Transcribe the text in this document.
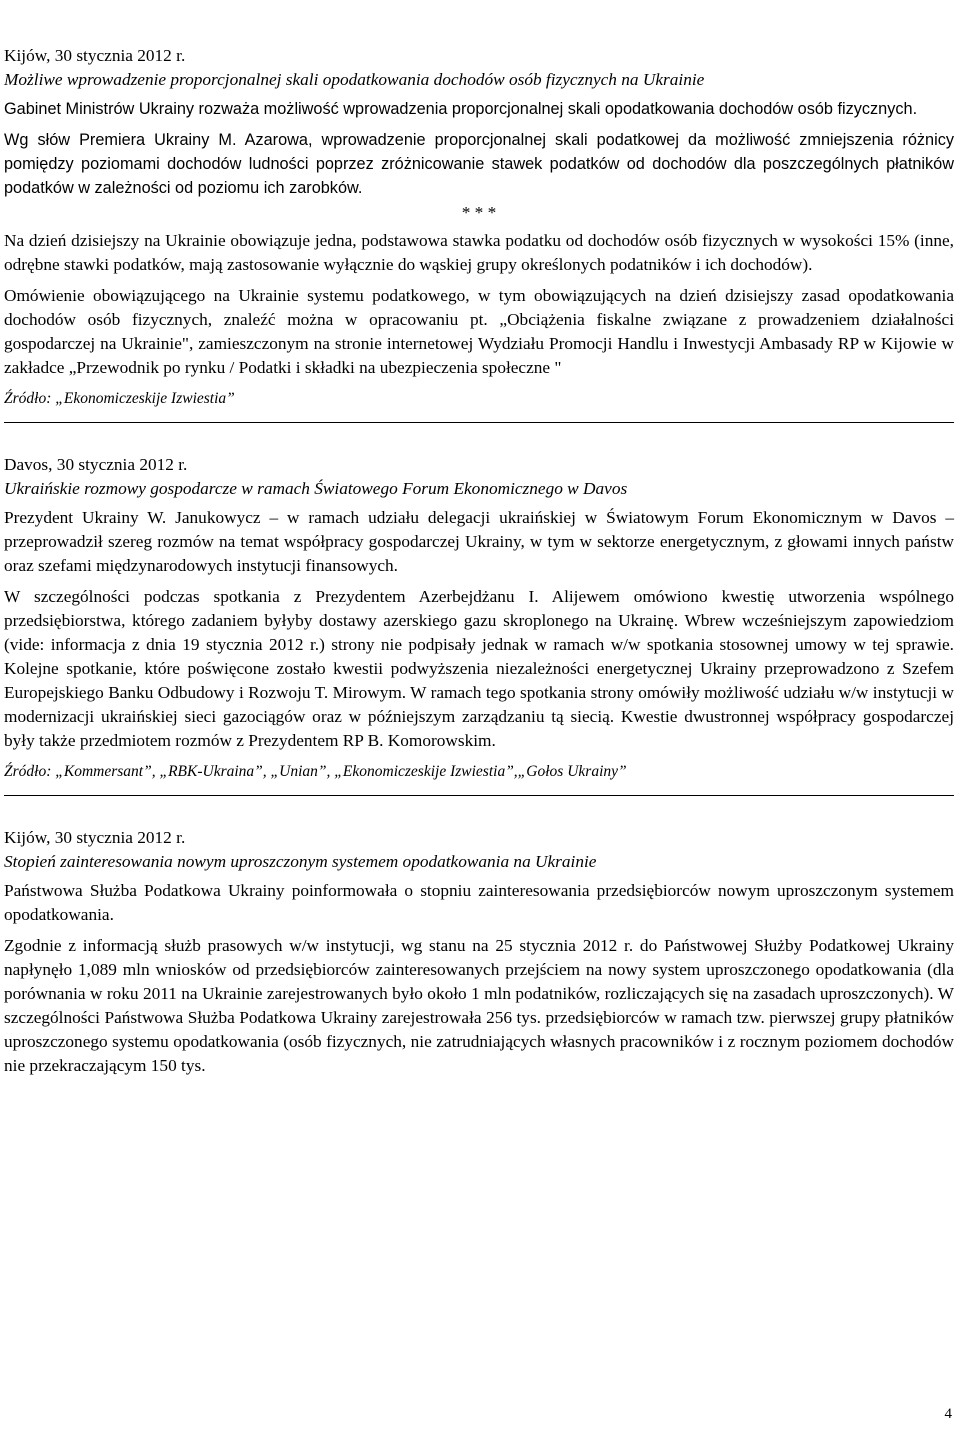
Kijów, 30 stycznia 2012 r.
Możliwe wprowadzenie proporcjonalnej skali opodatkowania dochodów osób fizycznych na Ukrainie
Gabinet Ministrów Ukrainy rozważa możliwość wprowadzenia proporcjonalnej skali opodatkowania dochodów osób fizycznych.
Wg słów Premiera Ukrainy M. Azarowa, wprowadzenie proporcjonalnej skali podatkowej da możliwość zmniejszenia różnicy pomiędzy poziomami dochodów ludności poprzez zróżnicowanie stawek podatków od dochodów dla poszczególnych płatników podatków w zależności od poziomu ich zarobków.
* * *
Na dzień dzisiejszy na Ukrainie obowiązuje jedna, podstawowa stawka podatku od dochodów osób fizycznych w wysokości 15% (inne, odrębne stawki podatków, mają zastosowanie wyłącznie do wąskiej grupy określonych podatników i ich dochodów).
Omówienie obowiązującego na Ukrainie systemu podatkowego, w tym obowiązujących na dzień dzisiejszy zasad opodatkowania dochodów osób fizycznych, znaleźć można w opracowaniu pt. „Obciążenia fiskalne związane z prowadzeniem działalności gospodarczej na Ukrainie", zamieszczonym na stronie internetowej Wydziału Promocji Handlu i Inwestycji Ambasady RP w Kijowie w zakładce „Przewodnik po rynku / Podatki i składki na ubezpieczenia społeczne "
Źródło: „Ekonomiczeskije Izwiestia”
Davos, 30 stycznia 2012 r.
Ukraińskie rozmowy gospodarcze w ramach Światowego Forum Ekonomicznego w Davos
Prezydent Ukrainy W. Janukowycz – w ramach udziału delegacji ukraińskiej w Światowym Forum Ekonomicznym w Davos – przeprowadził szereg rozmów na temat współpracy gospodarczej Ukrainy, w tym w sektorze energetycznym, z głowami innych państw oraz szefami międzynarodowych instytucji finansowych.
W szczególności podczas spotkania z Prezydentem Azerbejdżanu I. Alijewem omówiono kwestię utworzenia wspólnego przedsiębiorstwa, którego zadaniem byłyby dostawy azerskiego gazu skroplonego na Ukrainę. Wbrew wcześniejszym zapowiedziom (vide: informacja z dnia 19 stycznia 2012 r.) strony nie podpisały jednak w ramach w/w spotkania stosownej umowy w tej sprawie. Kolejne spotkanie, które poświęcone zostało kwestii podwyższenia niezależności energetycznej Ukrainy przeprowadzono z Szefem Europejskiego Banku Odbudowy i Rozwoju T. Mirowym. W ramach tego spotkania strony omówiły możliwość udziału w/w instytucji w modernizacji ukraińskiej sieci gazociągów oraz w późniejszym zarządzaniu tą siecią. Kwestie dwustronnej współpracy gospodarczej były także przedmiotem rozmów z Prezydentem RP B. Komorowskim.
Źródło: „Kommersant”, „RBK-Ukraina”, „Unian”, „Ekonomiczeskije Izwiestia”,„Gołos Ukrainy”
Kijów, 30 stycznia 2012 r.
Stopień zainteresowania nowym uproszczonym systemem opodatkowania na Ukrainie
Państwowa Służba Podatkowa Ukrainy poinformowała o stopniu zainteresowania przedsiębiorców nowym uproszczonym systemem opodatkowania.
Zgodnie z informacją służb prasowych w/w instytucji, wg stanu na 25 stycznia 2012 r. do Państwowej Służby Podatkowej Ukrainy napłynęło 1,089 mln wniosków od przedsiębiorców zainteresowanych przejściem na nowy system uproszczonego opodatkowania (dla porównania w roku 2011 na Ukrainie zarejestrowanych było około 1 mln podatników, rozliczających się na zasadach uproszczonych). W szczególności Państwowa Służba Podatkowa Ukrainy zarejestrowała 256 tys. przedsiębiorców w ramach tzw. pierwszej grupy płatników uproszczonego systemu opodatkowania (osób fizycznych, nie zatrudniających własnych pracowników i z rocznym poziomem dochodów nie przekraczającym 150 tys.
4
